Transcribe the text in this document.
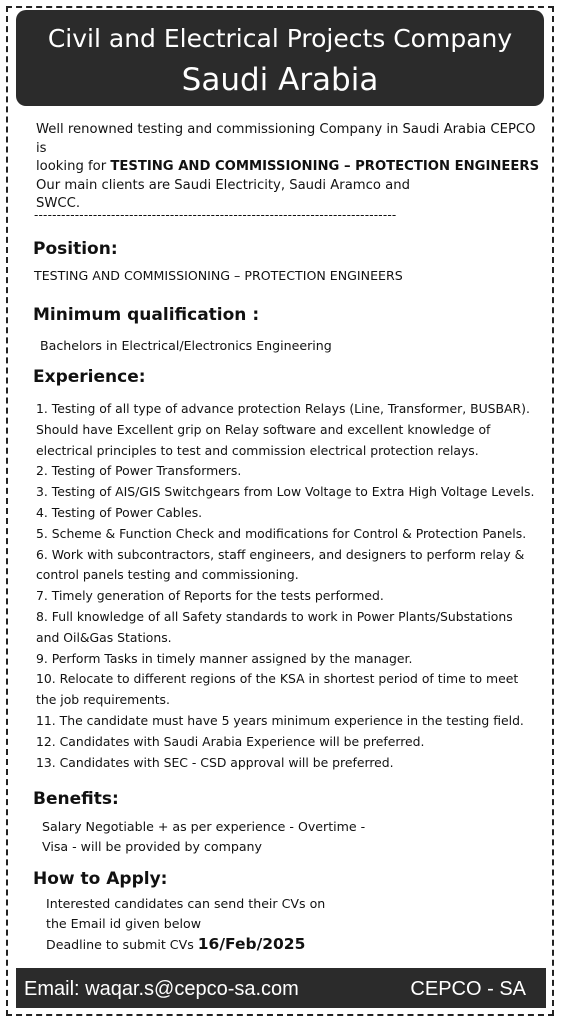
Civil and Electrical Projects Company
Saudi Arabia
Well renowned testing and commissioning Company in Saudi Arabia CEPCO is
looking for TESTING AND COMMISSIONING – PROTECTION ENGINEERS
Our main clients are Saudi Electricity, Saudi Aramco and
SWCC.
--------------------------------------------------------------------------------
Position:
TESTING AND COMMISSIONING – PROTECTION ENGINEERS
Minimum qualification :
Bachelors in Electrical/Electronics Engineering
Experience:
1. Testing of all type of advance protection Relays (Line, Transformer, BUSBAR).
Should have Excellent grip on Relay software and excellent knowledge of
electrical principles to test and commission electrical protection relays.
2. Testing of Power Transformers.
3. Testing of AIS/GIS Switchgears from Low Voltage to Extra High Voltage Levels.
4. Testing of Power Cables.
5. Scheme & Function Check and modifications for Control & Protection Panels.
6. Work with subcontractors, staff engineers, and designers to perform relay &
control panels testing and commissioning.
7. Timely generation of Reports for the tests performed.
8. Full knowledge of all Safety standards to work in Power Plants/Substations
and Oil&Gas Stations.
9. Perform Tasks in timely manner assigned by the manager.
10. Relocate to different regions of the KSA in shortest period of time to meet
the job requirements.
11. The candidate must have 5 years minimum experience in the testing field.
12. Candidates with Saudi Arabia Experience will be preferred.
13. Candidates with SEC - CSD approval will be preferred.
Benefits:
Salary Negotiable + as per experience - Overtime -
Visa - will be provided by company
How to Apply:
Interested candidates can send their CVs on
the Email id given below
Deadline to submit CVs 16/Feb/2025
Email: waqar.s@cepco-sa.com	CEPCO - SA
